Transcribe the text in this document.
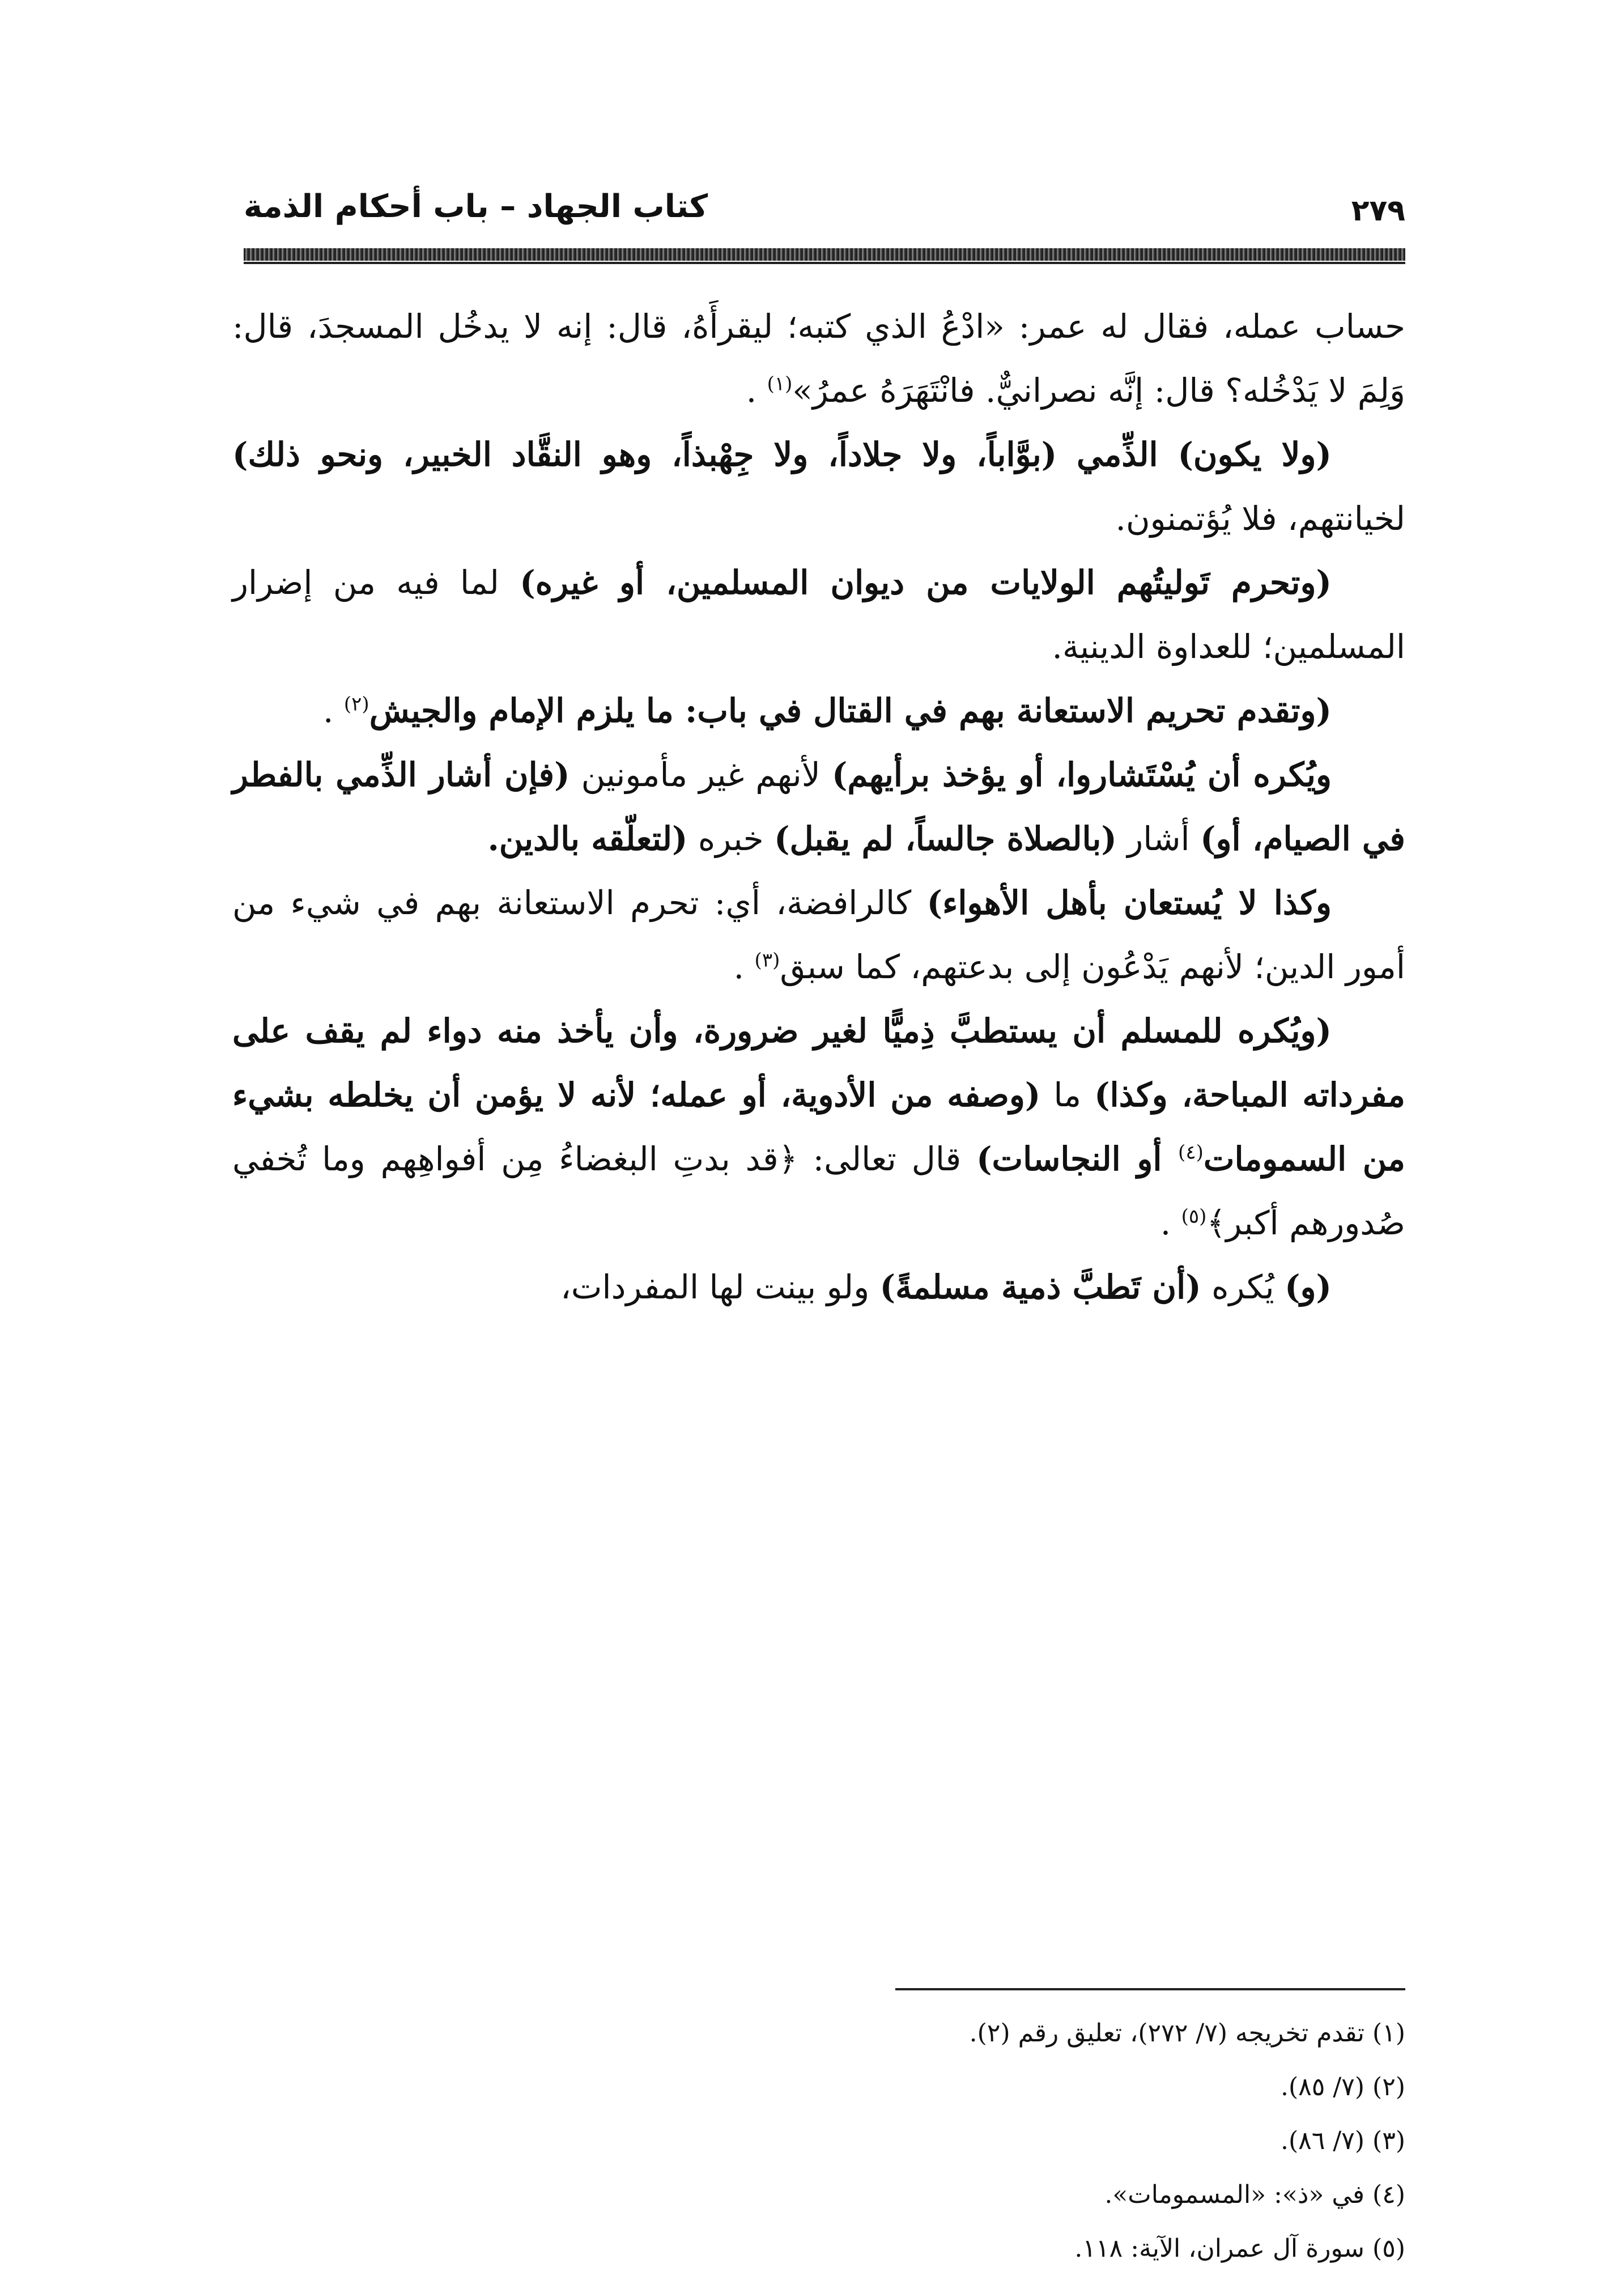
٢٧٩
كتاب الجهاد – باب أحكام الذمة

حساب عمله، فقال له عمر: «ادْعُ الذي كتبه؛ ليقرأَهُ، قال: إنه لا يدخُل المسجدَ، قال: وَلِمَ لا يَدْخُله؟ قال: إنَّه نصرانيٌّ. فانْتَهَرَهُ عمرُ»$^{(١)}$ .

(ولا يكون) الذِّمي (بوَّاباً، ولا جلاداً، ولا جِهْبذاً، وهو النقَّاد الخبير، ونحو ذلك) لخيانتهم، فلا يُؤتمنون.

(وتحرم تَوليتُهم الولايات من ديوان المسلمين، أو غيره) لما فيه من إضرار المسلمين؛ للعداوة الدينية.

(وتقدم تحريم الاستعانة بهم في القتال في باب: ما يلزم الإمام والجيش$^{(٢)}$ .

ويُكره أن يُسْتَشاروا، أو يؤخذ برأيهم) لأنهم غير مأمونين (فإن أشار الذِّمي بالفطر في الصيام، أو) أشار (بالصلاة جالساً، لم يقبل) خبره (لتعلّقه بالدين.

وكذا لا يُستعان بأهل الأهواء) كالرافضة، أي: تحرم الاستعانة بهم في شيء من أمور الدين؛ لأنهم يَدْعُون إلى بدعتهم، كما سبق$^{(٣)}$ .

(ويُكره للمسلم أن يستطبَّ ذِميًّا لغير ضرورة، وأن يأخذ منه دواء لم يقف على مفرداته المباحة، وكذا) ما (وصفه من الأدوية، أو عمله؛ لأنه لا يؤمن أن يخلطه بشيء من السمومات$^{(٤)}$ أو النجاسات) قال تعالى: ﴿قد بدتِ البغضاءُ مِن أفواهِهم وما تُخفي صُدورهم أكبر﴾$^{(٥)}$ .

(و) يُكره (أن تَطبَّ ذمية مسلمةً) ولو بينت لها المفردات،

(١) تقدم تخريجه (٧/ ٢٧٢)، تعليق رقم (٢).
(٢) (٧/ ٨٥).
(٣) (٧/ ٨٦).
(٤) في «ذ»: «المسمومات».
(٥) سورة آل عمران، الآية: ١١٨.
